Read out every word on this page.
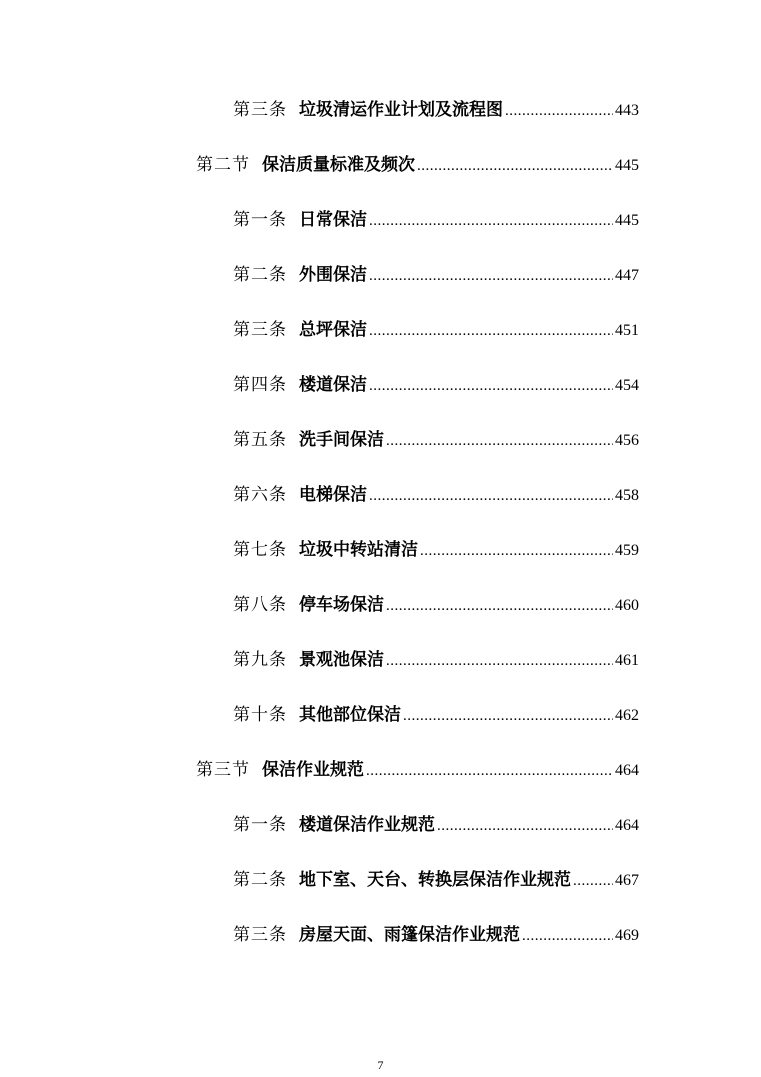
第三条 垃圾清运作业计划及流程图 .....	443
第二节 保洁质量标准及频次 .....	445
第一条 日常保洁 .....	445
第二条 外围保洁 .....	447
第三条 总坪保洁 .....	451
第四条 楼道保洁 .....	454
第五条 洗手间保洁 .....	456
第六条 电梯保洁 .....	458
第七条 垃圾中转站清洁 .....	459
第八条 停车场保洁 .....	460
第九条 景观池保洁 .....	461
第十条 其他部位保洁 .....	462
第三节 保洁作业规范 .....	464
第一条 楼道保洁作业规范 .....	464
第二条 地下室、天台、转换层保洁作业规范 .....	467
第三条 房屋天面、雨篷保洁作业规范 .....	469
7
